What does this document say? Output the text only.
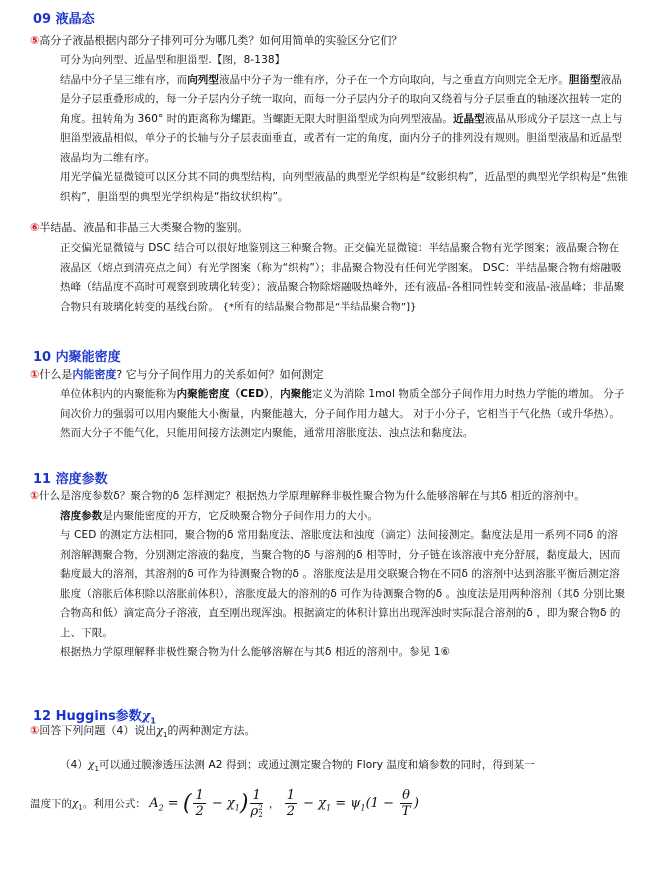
09 液晶态
⑤高分子液晶根据内部分子排列可分为哪几类？如何用简单的实验区分它们？
可分为向列型、近晶型和胆甾型.【图，8-138】
结晶中分子呈三维有序，而向列型液晶中分子为一维有序，分子在一个方向取向，与之垂直方向则完全无序。胆甾型液晶是分子层重叠形成的，每一分子层内分子统一取向，而每一分子层内分子的取向又绕着与分子层垂直的轴逐次扭转一定的角度。扭转角为 360° 时的距离称为螺距。当螺距无限大时胆甾型成为向列型液晶。近晶型液晶从形成分子层这一点上与胆甾型液晶相似，单分子的长轴与分子层表面垂直，或者有一定的角度，面内分子的排列没有规则。胆甾型液晶和近晶型液晶均为二维有序。
用光学偏光显微镜可以区分其不同的典型结构，向列型液晶的典型光学织构是“纹影织构”，近晶型的典型光学织构是“焦锥织构”，胆甾型的典型光学织构是“指纹状织构”。
⑥半结晶、液晶和非晶三大类聚合物的鉴别。
正交偏光显微镜与 DSC 结合可以很好地鉴别这三种聚合物。正交偏光显微镜：半结晶聚合物有光学图案；液晶聚合物在液晶区（熔点到清亮点之间）有光学图案（称为“织构”）；非晶聚合物没有任何光学图案。 DSC：半结晶聚合物有熔融吸热峰（结晶度不高时可观察到玻璃化转变）；液晶聚合物除熔融吸热峰外，还有液晶-各相同性转变和液晶-液晶峰；非晶聚合物只有玻璃化转变的基线台阶。 {*所有的结晶聚合物都是“半结晶聚合物”]}
10 内聚能密度
①什么是内能密度? 它与分子间作用力的关系如何？如何测定
单位体积内的内聚能称为内聚能密度（CED），内聚能定义为消除 1mol 物质全部分子间作用力时热力学能的增加。 分子间次价力的强弱可以用内聚能大小衡量，内聚能越大，分子间作用力越大。 对于小分子，它相当于气化热（或升华热）。然而大分子不能气化，只能用间接方法测定内聚能，通常用溶胀度法、浊点法和黏度法。
11 溶度参数
①什么是溶度参数δ？聚合物的δ 怎样测定？根据热力学原理解释非极性聚合物为什么能够溶解在与其δ 相近的溶剂中。
溶度参数是内聚能密度的开方，它反映聚合物分子间作用力的大小。
与 CED 的测定方法相同，聚合物的δ 常用黏度法、溶胀度法和浊度（滴定）法间接测定。黏度法是用一系列不同δ 的溶剂溶解测聚合物，分别测定溶液的黏度，当聚合物的δ 与溶剂的δ 相等时，分子链在该溶液中充分舒展，黏度最大，因而黏度最大的溶剂，其溶剂的δ 可作为待测聚合物的δ 。溶胀度法是用交联聚合物在不同δ 的溶剂中达到溶胀平衡后测定溶胀度（溶胀后体积除以溶胀前体积），溶胀度最大的溶剂的δ 可作为待测聚合物的δ 。浊度法是用两种溶剂（其δ 分别比聚合物高和低）滴定高分子溶液，直至刚出现浑浊。根据滴定的体积计算出出现浑浊时实际混合溶剂的δ ，即为聚合物δ 的上、下限。
根据热力学原理解释非极性聚合物为什么能够溶解在与其δ 相近的溶剂中。参见 1⑥
12 Huggins参数$\chi_1$
①回答下列问题（4）说出$\chi_1$的两种测定方法。
$(4)\chi_1$可以通过膜渗透压法测 A2 得到；或通过测定聚合物的 Flory 温度和熵参数的同时，得到某一
温度下的$\chi_1$。利用公式： $A_2$ = ( $\frac{1}{2} - \chi_1$) 1
ρ 2
2 ， $\frac{1}{2} - \chi_1 = \psi_1(1 - \frac{\theta}{T}$ )
